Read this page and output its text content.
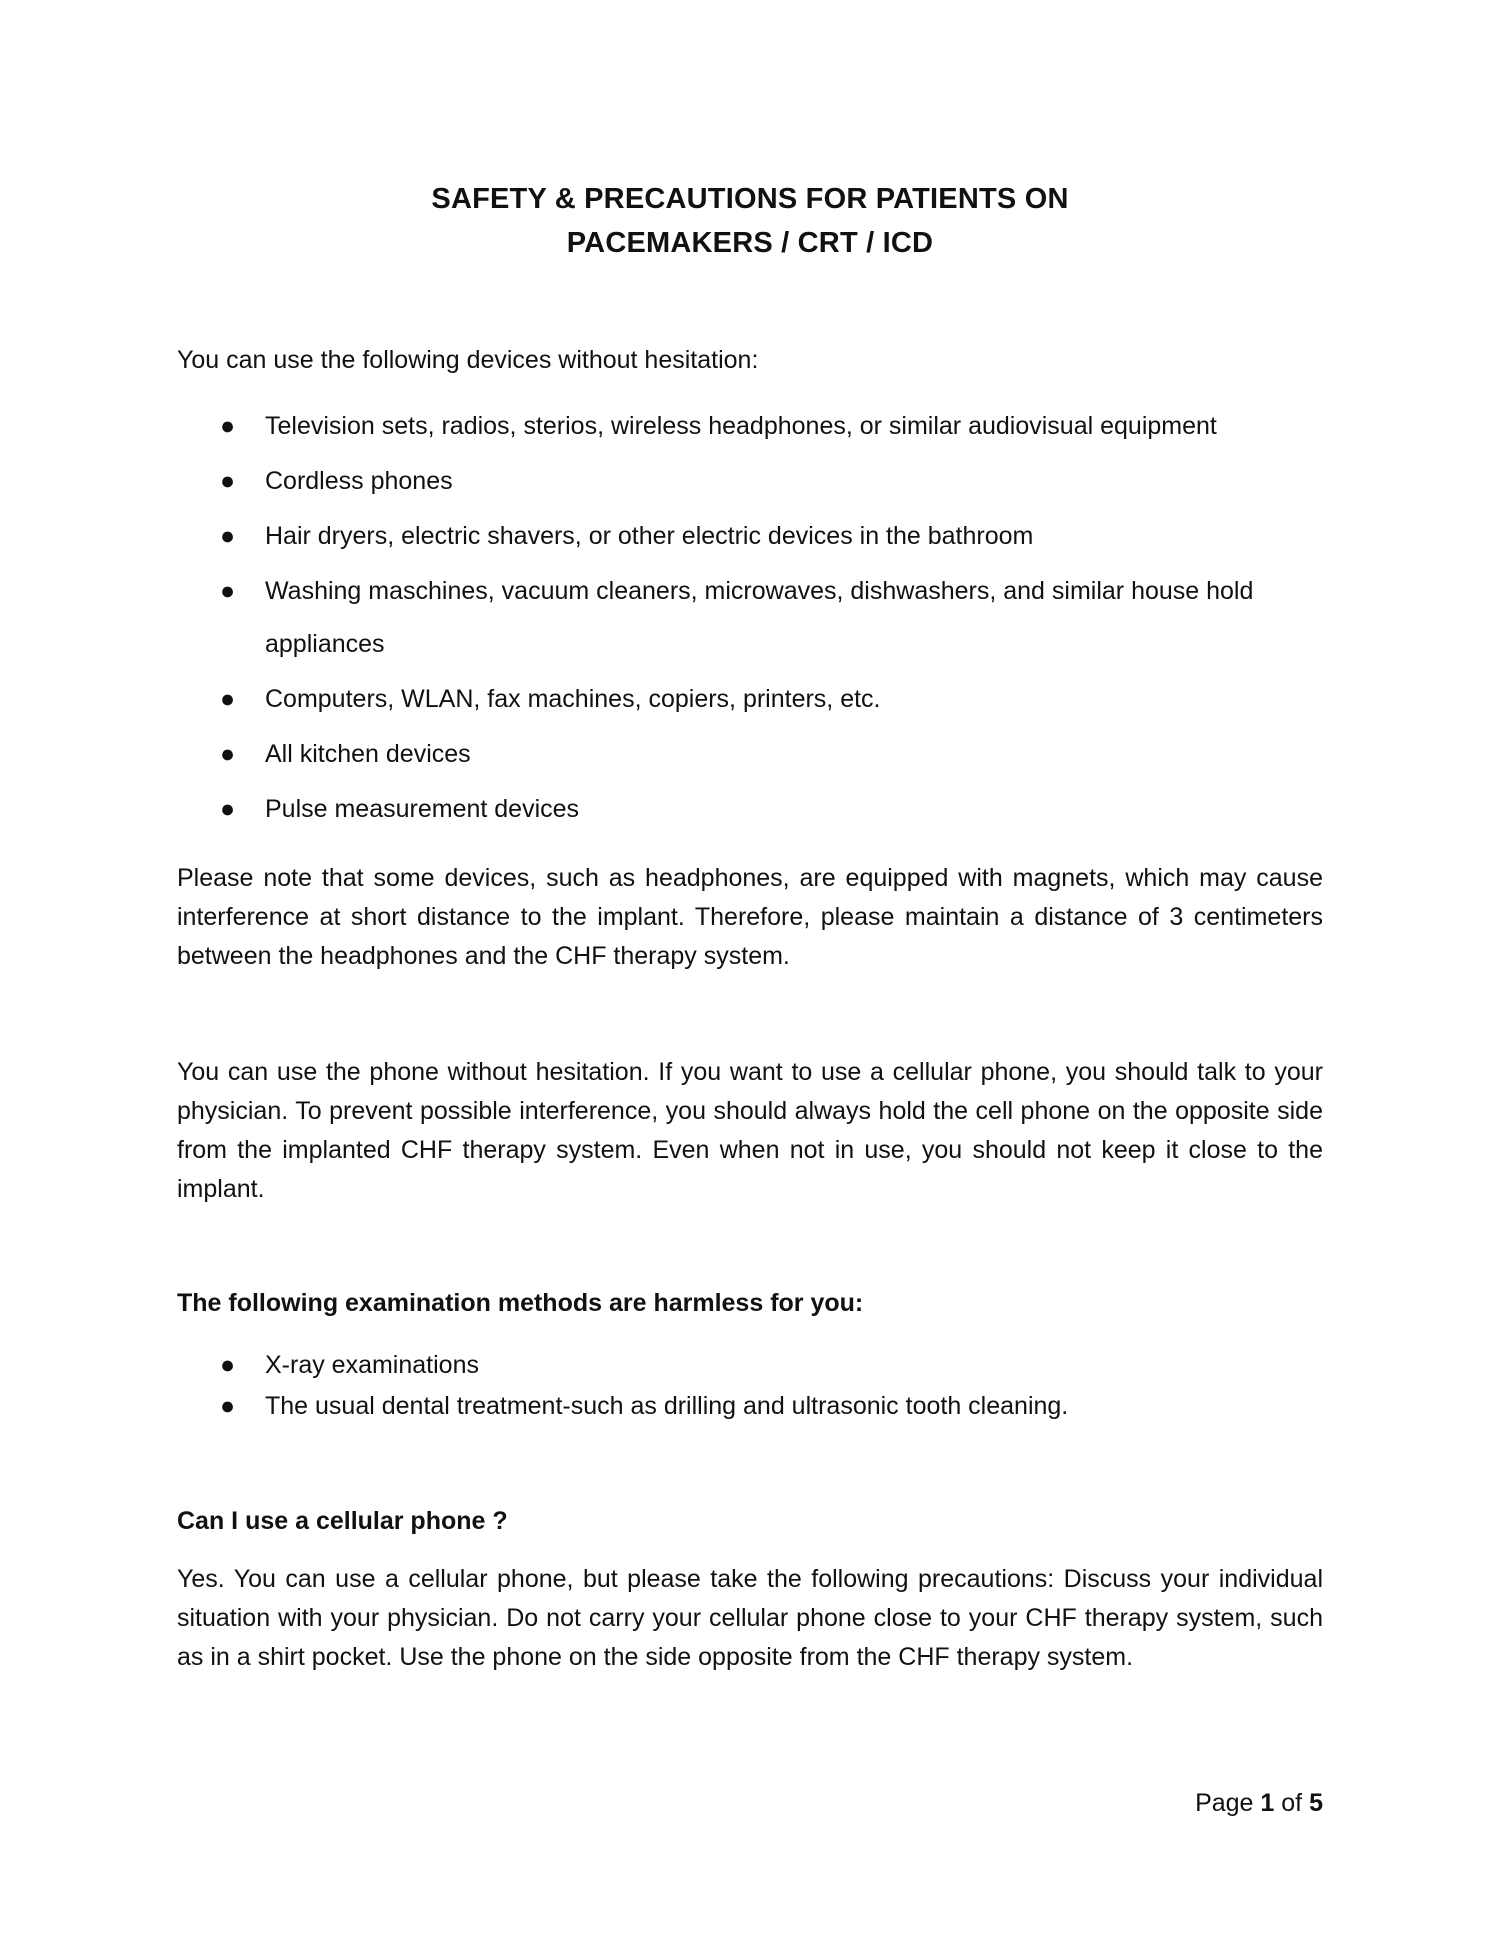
SAFETY & PRECAUTIONS FOR PATIENTS ON
PACEMAKERS / CRT / ICD

You can use the following devices without hesitation:

● Television sets, radios, sterios, wireless headphones, or similar audiovisual equipment
● Cordless phones
● Hair dryers, electric shavers, or other electric devices in the bathroom
● Washing maschines, vacuum cleaners, microwaves, dishwashers, and similar house hold appliances
● Computers, WLAN, fax machines, copiers, printers, etc.
● All kitchen devices
● Pulse measurement devices

Please note that some devices, such as headphones, are equipped with magnets, which may cause interference at short distance to the implant. Therefore, please maintain a distance of 3 centimeters between the headphones and the CHF therapy system.

You can use the phone without hesitation. If you want to use a cellular phone, you should talk to your physician. To prevent possible interference, you should always hold the cell phone on the opposite side from the implanted CHF therapy system. Even when not in use, you should not keep it close to the implant.

The following examination methods are harmless for you:

● X-ray examinations
● The usual dental treatment-such as drilling and ultrasonic tooth cleaning.

Can I use a cellular phone ?

Yes. You can use a cellular phone, but please take the following precautions: Discuss your individual situation with your physician. Do not carry your cellular phone close to your CHF therapy system, such as in a shirt pocket. Use the phone on the side opposite from the CHF therapy system.

Page 1 of 5
